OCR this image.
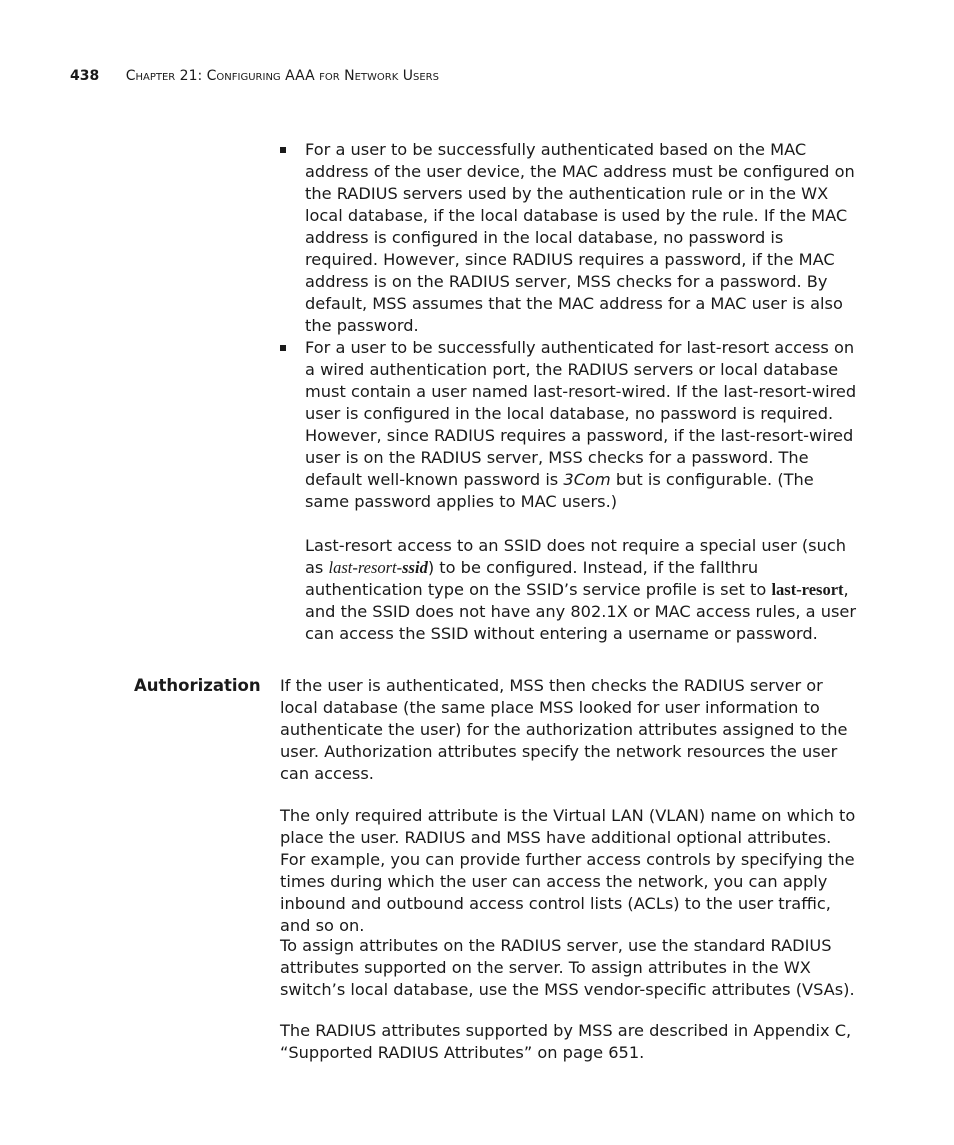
438 Chapter 21: Configuring AAA for Network Users

For a user to be successfully authenticated based on the MAC address of the user device, the MAC address must be configured on the RADIUS servers used by the authentication rule or in the WX local database, if the local database is used by the rule. If the MAC address is configured in the local database, no password is required. However, since RADIUS requires a password, if the MAC address is on the RADIUS server, MSS checks for a password. By default, MSS assumes that the MAC address for a MAC user is also the password.

For a user to be successfully authenticated for last-resort access on a wired authentication port, the RADIUS servers or local database must contain a user named last-resort-wired. If the last-resort-wired user is configured in the local database, no password is required. However, since RADIUS requires a password, if the last-resort-wired user is on the RADIUS server, MSS checks for a password. The default well-known password is 3Com but is configurable. (The same password applies to MAC users.)

Last-resort access to an SSID does not require a special user (such as last-resort-ssid) to be configured. Instead, if the fallthru authentication type on the SSID’s service profile is set to last-resort, and the SSID does not have any 802.1X or MAC access rules, a user can access the SSID without entering a username or password.

Authorization If the user is authenticated, MSS then checks the RADIUS server or local database (the same place MSS looked for user information to authenticate the user) for the authorization attributes assigned to the user. Authorization attributes specify the network resources the user can access.

The only required attribute is the Virtual LAN (VLAN) name on which to place the user. RADIUS and MSS have additional optional attributes. For example, you can provide further access controls by specifying the times during which the user can access the network, you can apply inbound and outbound access control lists (ACLs) to the user traffic, and so on.

To assign attributes on the RADIUS server, use the standard RADIUS attributes supported on the server. To assign attributes in the WX switch’s local database, use the MSS vendor-specific attributes (VSAs).

The RADIUS attributes supported by MSS are described in Appendix C, “Supported RADIUS Attributes” on page 651.
